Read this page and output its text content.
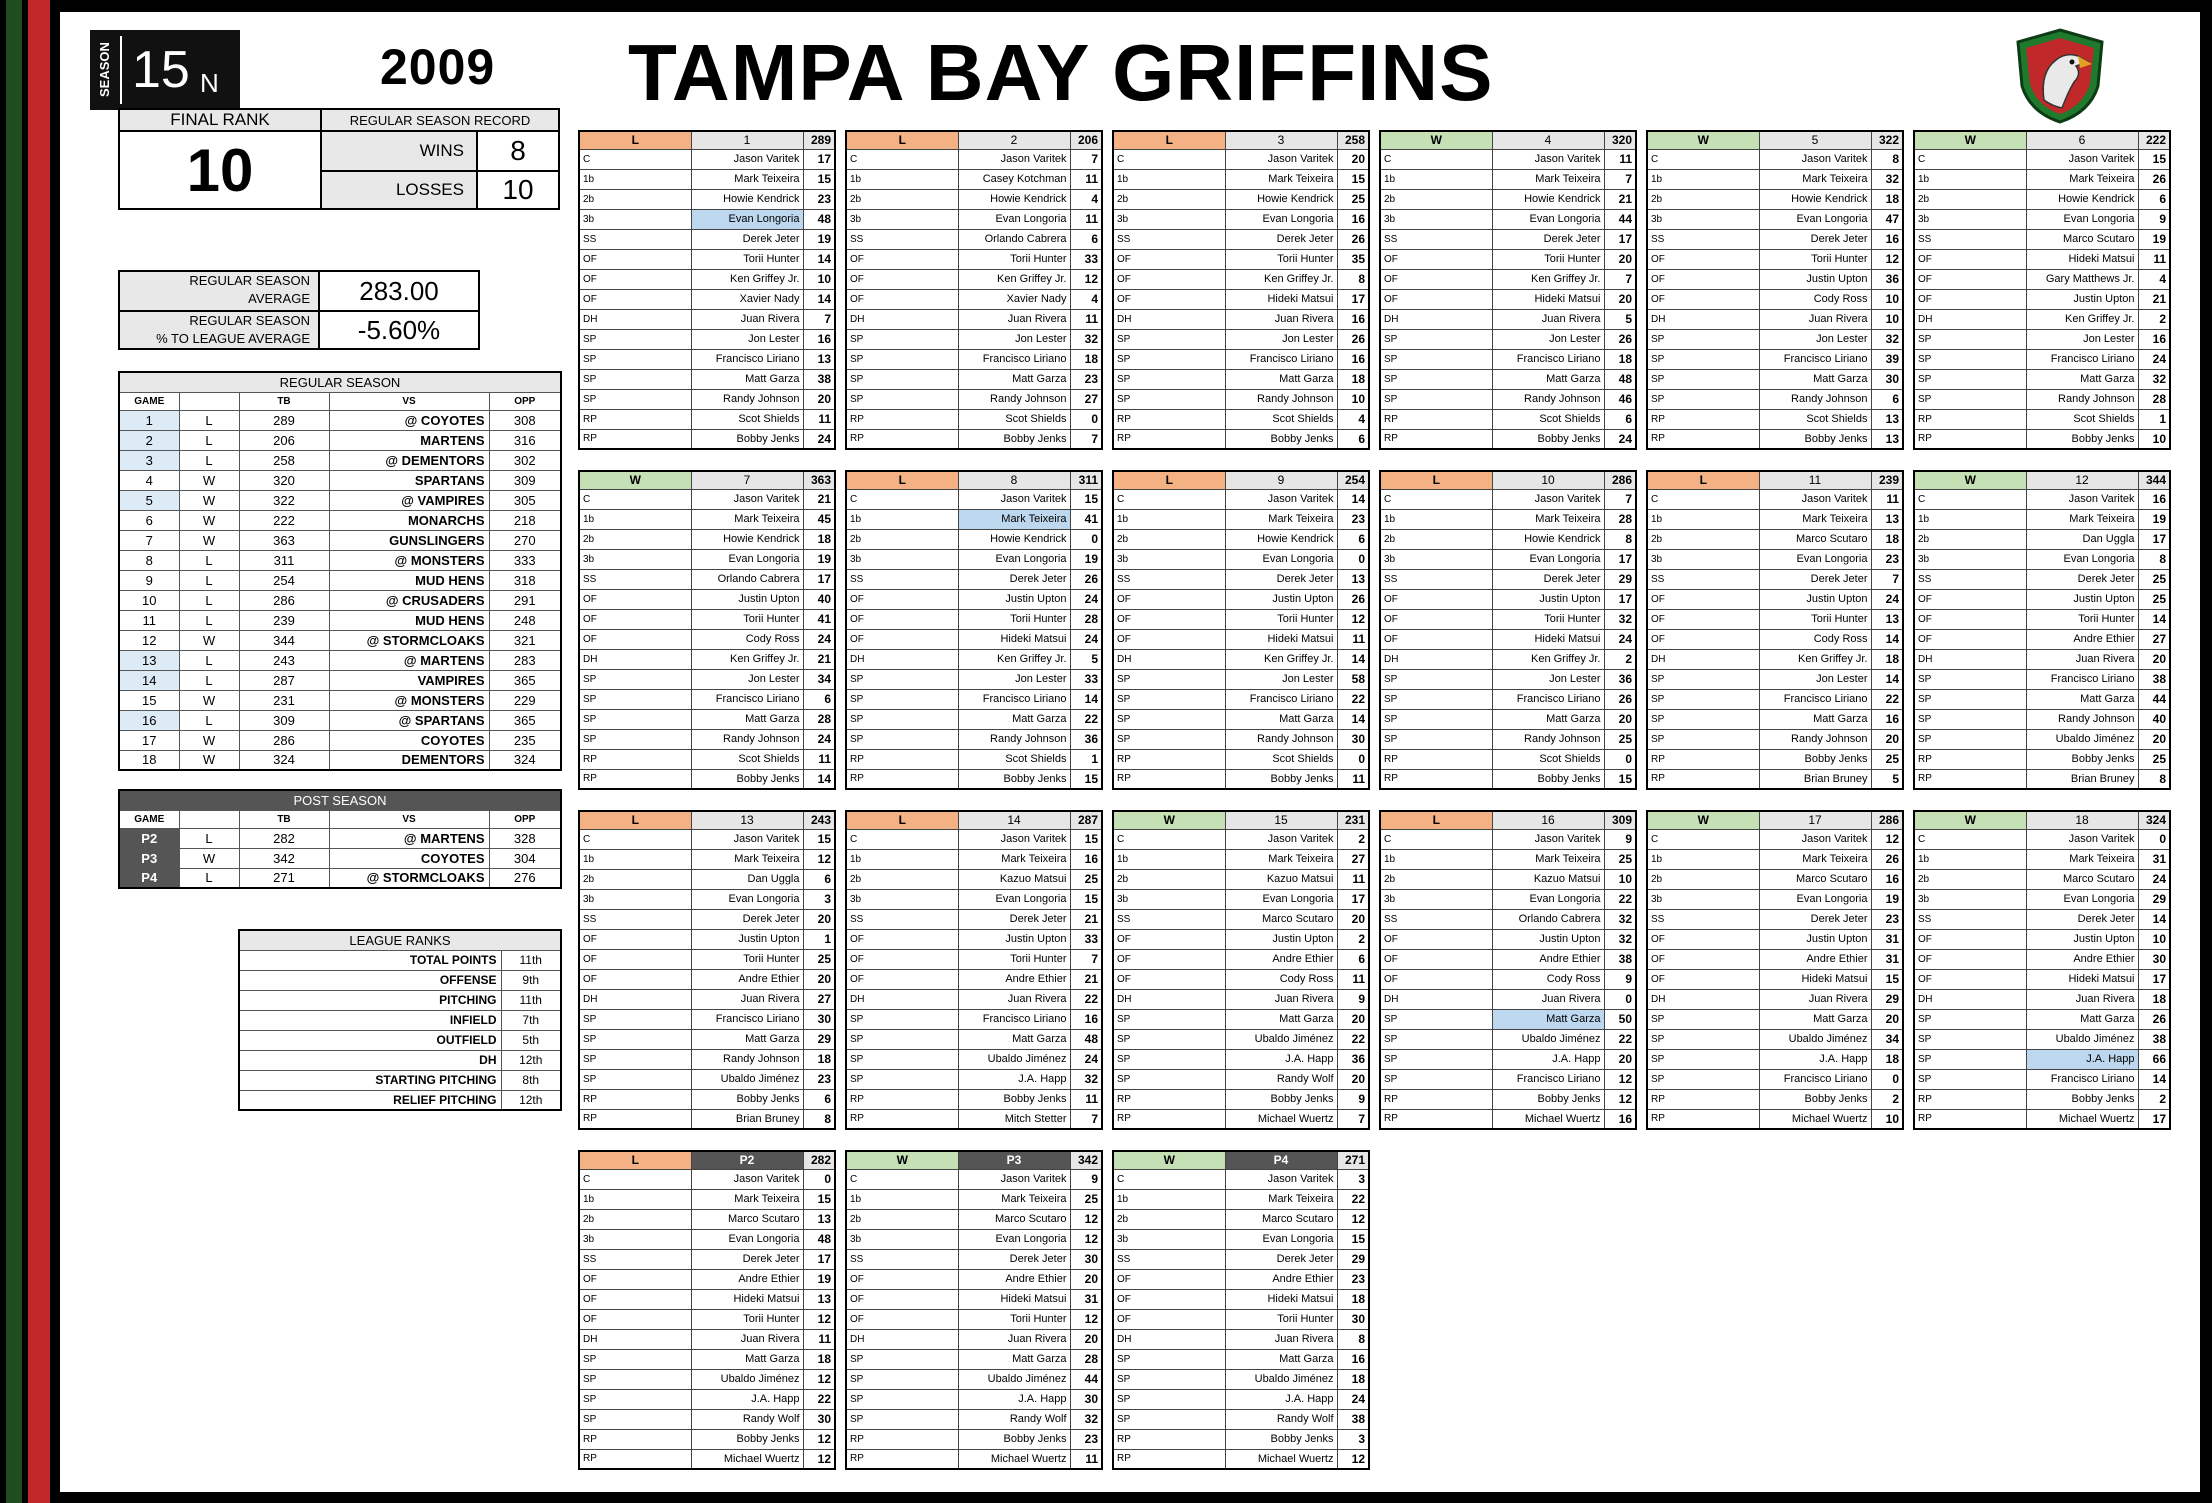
SEASON 15 N	2009 TAMPA BAY GRIFFINS
FINAL RANK
10
REGULAR SEASON RECORD
WINS	8
LOSSES	10
REGULAR SEASON
AVERAGE	283.00
REGULAR SEASON
% TO LEAGUE AVERAGE	-5.60%
REGULAR SEASON				
GAME		TB	VS	OPP
1	L	289	@ COYOTES	308
2	L	206	MARTENS	316
3	L	258	@ DEMENTORS	302
4	W	320	SPARTANS	309
5	W	322	@ VAMPIRES	305
6	W	222	MONARCHS	218
7	W	363	GUNSLINGERS	270
8	L	311	@ MONSTERS	333
9	L	254	MUD HENS	318
10	L	286	@ CRUSADERS	291
11	L	239	MUD HENS	248
12	W	344	@ STORMCLOAKS	321
13	L	243	@ MARTENS	283
14	L	287	VAMPIRES	365
15	W	231	@ MONSTERS	229
16	L	309	@ SPARTANS	365
17	W	286	COYOTES	235
18	W	324	DEMENTORS	324
POST SEASON				
GAME		TB	VS	OPP
P2	L	282	@ MARTENS	328
P3	W	342	COYOTES	304
P4	L	271	@ STORMCLOAKS	276
LEAGUE RANKS	
TOTAL POINTS	11th
OFFENSE	9th
PITCHING	11th
INFIELD	7th
OUTFIELD	5th
DH	12th
STARTING PITCHING	8th
RELIEF PITCHING	12th
L	1	289
C	Jason Varitek	17
1b	Mark Teixeira	15
2b	Howie Kendrick	23
3b	Evan Longoria	48
SS	Derek Jeter	19
OF	Torii Hunter	14
OF	Ken Griffey Jr.	10
OF	Xavier Nady	14
DH	Juan Rivera	7
SP	Jon Lester	16
SP	Francisco Liriano	13
SP	Matt Garza	38
SP	Randy Johnson	20
RP	Scot Shields	11
RP	Bobby Jenks	24
L	2	206
C	Jason Varitek	7
1b	Casey Kotchman	11
2b	Howie Kendrick	4
3b	Evan Longoria	11
SS	Orlando Cabrera	6
OF	Torii Hunter	33
OF	Ken Griffey Jr.	12
OF	Xavier Nady	4
DH	Juan Rivera	11
SP	Jon Lester	32
SP	Francisco Liriano	18
SP	Matt Garza	23
SP	Randy Johnson	27
RP	Scot Shields	0
RP	Bobby Jenks	7
L	3	258
C	Jason Varitek	20
1b	Mark Teixeira	15
2b	Howie Kendrick	25
3b	Evan Longoria	16
SS	Derek Jeter	26
OF	Torii Hunter	35
OF	Ken Griffey Jr.	8
OF	Hideki Matsui	17
DH	Juan Rivera	16
SP	Jon Lester	26
SP	Francisco Liriano	16
SP	Matt Garza	18
SP	Randy Johnson	10
RP	Scot Shields	4
RP	Bobby Jenks	6
W	4	320
C	Jason Varitek	11
1b	Mark Teixeira	7
2b	Howie Kendrick	21
3b	Evan Longoria	44
SS	Derek Jeter	17
OF	Torii Hunter	20
OF	Ken Griffey Jr.	7
OF	Hideki Matsui	20
DH	Juan Rivera	5
SP	Jon Lester	26
SP	Francisco Liriano	18
SP	Matt Garza	48
SP	Randy Johnson	46
RP	Scot Shields	6
RP	Bobby Jenks	24
W	5	322
C	Jason Varitek	8
1b	Mark Teixeira	32
2b	Howie Kendrick	18
3b	Evan Longoria	47
SS	Derek Jeter	16
OF	Torii Hunter	12
OF	Justin Upton	36
OF	Cody Ross	10
DH	Juan Rivera	10
SP	Jon Lester	32
SP	Francisco Liriano	39
SP	Matt Garza	30
SP	Randy Johnson	6
RP	Scot Shields	13
RP	Bobby Jenks	13
W	6	222
C	Jason Varitek	15
1b	Mark Teixeira	26
2b	Howie Kendrick	6
3b	Evan Longoria	9
SS	Marco Scutaro	19
OF	Hideki Matsui	11
OF	Gary Matthews Jr.	4
OF	Justin Upton	21
DH	Ken Griffey Jr.	2
SP	Jon Lester	16
SP	Francisco Liriano	24
SP	Matt Garza	32
SP	Randy Johnson	28
RP	Scot Shields	1
RP	Bobby Jenks	10
W	7	363
C	Jason Varitek	21
1b	Mark Teixeira	45
2b	Howie Kendrick	18
3b	Evan Longoria	19
SS	Orlando Cabrera	17
OF	Justin Upton	40
OF	Torii Hunter	41
OF	Cody Ross	24
DH	Ken Griffey Jr.	21
SP	Jon Lester	34
SP	Francisco Liriano	6
SP	Matt Garza	28
SP	Randy Johnson	24
RP	Scot Shields	11
RP	Bobby Jenks	14
L	8	311
C	Jason Varitek	15
1b	Mark Teixeira	41
2b	Howie Kendrick	0
3b	Evan Longoria	19
SS	Derek Jeter	26
OF	Justin Upton	24
OF	Torii Hunter	28
OF	Hideki Matsui	24
DH	Ken Griffey Jr.	5
SP	Jon Lester	33
SP	Francisco Liriano	14
SP	Matt Garza	22
SP	Randy Johnson	36
RP	Scot Shields	1
RP	Bobby Jenks	15
L	9	254
C	Jason Varitek	14
1b	Mark Teixeira	23
2b	Howie Kendrick	6
3b	Evan Longoria	0
SS	Derek Jeter	13
OF	Justin Upton	26
OF	Torii Hunter	12
OF	Hideki Matsui	11
DH	Ken Griffey Jr.	14
SP	Jon Lester	58
SP	Francisco Liriano	22
SP	Matt Garza	14
SP	Randy Johnson	30
RP	Scot Shields	0
RP	Bobby Jenks	11
L	10	286
C	Jason Varitek	7
1b	Mark Teixeira	28
2b	Howie Kendrick	8
3b	Evan Longoria	17
SS	Derek Jeter	29
OF	Justin Upton	17
OF	Torii Hunter	32
OF	Hideki Matsui	24
DH	Ken Griffey Jr.	2
SP	Jon Lester	36
SP	Francisco Liriano	26
SP	Matt Garza	20
SP	Randy Johnson	25
RP	Scot Shields	0
RP	Bobby Jenks	15
L	11	239
C	Jason Varitek	11
1b	Mark Teixeira	13
2b	Marco Scutaro	18
3b	Evan Longoria	23
SS	Derek Jeter	7
OF	Justin Upton	24
OF	Torii Hunter	13
OF	Cody Ross	14
DH	Ken Griffey Jr.	18
SP	Jon Lester	14
SP	Francisco Liriano	22
SP	Matt Garza	16
SP	Randy Johnson	20
RP	Bobby Jenks	25
RP	Brian Bruney	5
W	12	344
C	Jason Varitek	16
1b	Mark Teixeira	19
2b	Dan Uggla	17
3b	Evan Longoria	8
SS	Derek Jeter	25
OF	Justin Upton	25
OF	Torii Hunter	14
OF	Andre Ethier	27
DH	Juan Rivera	20
SP	Francisco Liriano	38
SP	Matt Garza	44
SP	Randy Johnson	40
SP	Ubaldo Jiménez	20
RP	Bobby Jenks	25
RP	Brian Bruney	8
L	13	243
C	Jason Varitek	15
1b	Mark Teixeira	12
2b	Dan Uggla	6
3b	Evan Longoria	3
SS	Derek Jeter	20
OF	Justin Upton	1
OF	Torii Hunter	25
OF	Andre Ethier	20
DH	Juan Rivera	27
SP	Francisco Liriano	30
SP	Matt Garza	29
SP	Randy Johnson	18
SP	Ubaldo Jiménez	23
RP	Bobby Jenks	6
RP	Brian Bruney	8
L	14	287
C	Jason Varitek	15
1b	Mark Teixeira	16
2b	Kazuo Matsui	25
3b	Evan Longoria	15
SS	Derek Jeter	21
OF	Justin Upton	33
OF	Torii Hunter	7
OF	Andre Ethier	21
DH	Juan Rivera	22
SP	Francisco Liriano	16
SP	Matt Garza	48
SP	Ubaldo Jiménez	24
SP	J.A. Happ	32
RP	Bobby Jenks	11
RP	Mitch Stetter	7
W	15	231
C	Jason Varitek	2
1b	Mark Teixeira	27
2b	Kazuo Matsui	11
3b	Evan Longoria	17
SS	Marco Scutaro	20
OF	Justin Upton	2
OF	Andre Ethier	6
OF	Cody Ross	11
DH	Juan Rivera	9
SP	Matt Garza	20
SP	Ubaldo Jiménez	22
SP	J.A. Happ	36
SP	Randy Wolf	20
RP	Bobby Jenks	9
RP	Michael Wuertz	7
L	16	309
C	Jason Varitek	9
1b	Mark Teixeira	25
2b	Kazuo Matsui	10
3b	Evan Longoria	22
SS	Orlando Cabrera	32
OF	Justin Upton	32
OF	Andre Ethier	38
OF	Cody Ross	9
DH	Juan Rivera	0
SP	Matt Garza	50
SP	Ubaldo Jiménez	22
SP	J.A. Happ	20
SP	Francisco Liriano	12
RP	Bobby Jenks	12
RP	Michael Wuertz	16
W	17	286
C	Jason Varitek	12
1b	Mark Teixeira	26
2b	Marco Scutaro	16
3b	Evan Longoria	19
SS	Derek Jeter	23
OF	Justin Upton	31
OF	Andre Ethier	31
OF	Hideki Matsui	15
DH	Juan Rivera	29
SP	Matt Garza	20
SP	Ubaldo Jiménez	34
SP	J.A. Happ	18
SP	Francisco Liriano	0
RP	Bobby Jenks	2
RP	Michael Wuertz	10
W	18	324
C	Jason Varitek	0
1b	Mark Teixeira	31
2b	Marco Scutaro	24
3b	Evan Longoria	29
SS	Derek Jeter	14
OF	Justin Upton	10
OF	Andre Ethier	30
OF	Hideki Matsui	17
DH	Juan Rivera	18
SP	Matt Garza	26
SP	Ubaldo Jiménez	38
SP	J.A. Happ	66
SP	Francisco Liriano	14
RP	Bobby Jenks	2
RP	Michael Wuertz	17
L	P2	282
C	Jason Varitek	0
1b	Mark Teixeira	15
2b	Marco Scutaro	13
3b	Evan Longoria	48
SS	Derek Jeter	17
OF	Andre Ethier	19
OF	Hideki Matsui	13
OF	Torii Hunter	12
DH	Juan Rivera	11
SP	Matt Garza	18
SP	Ubaldo Jiménez	12
SP	J.A. Happ	22
SP	Randy Wolf	30
RP	Bobby Jenks	12
RP	Michael Wuertz	12
W	P3	342
C	Jason Varitek	9
1b	Mark Teixeira	25
2b	Marco Scutaro	12
3b	Evan Longoria	12
SS	Derek Jeter	30
OF	Andre Ethier	20
OF	Hideki Matsui	31
OF	Torii Hunter	12
DH	Juan Rivera	20
SP	Matt Garza	28
SP	Ubaldo Jiménez	44
SP	J.A. Happ	30
SP	Randy Wolf	32
RP	Bobby Jenks	23
RP	Michael Wuertz	11
W	P4	271
C	Jason Varitek	3
1b	Mark Teixeira	22
2b	Marco Scutaro	12
3b	Evan Longoria	15
SS	Derek Jeter	29
OF	Andre Ethier	23
OF	Hideki Matsui	18
OF	Torii Hunter	30
DH	Juan Rivera	8
SP	Matt Garza	16
SP	Ubaldo Jiménez	18
SP	J.A. Happ	24
SP	Randy Wolf	38
RP	Bobby Jenks	3
RP	Michael Wuertz	12
